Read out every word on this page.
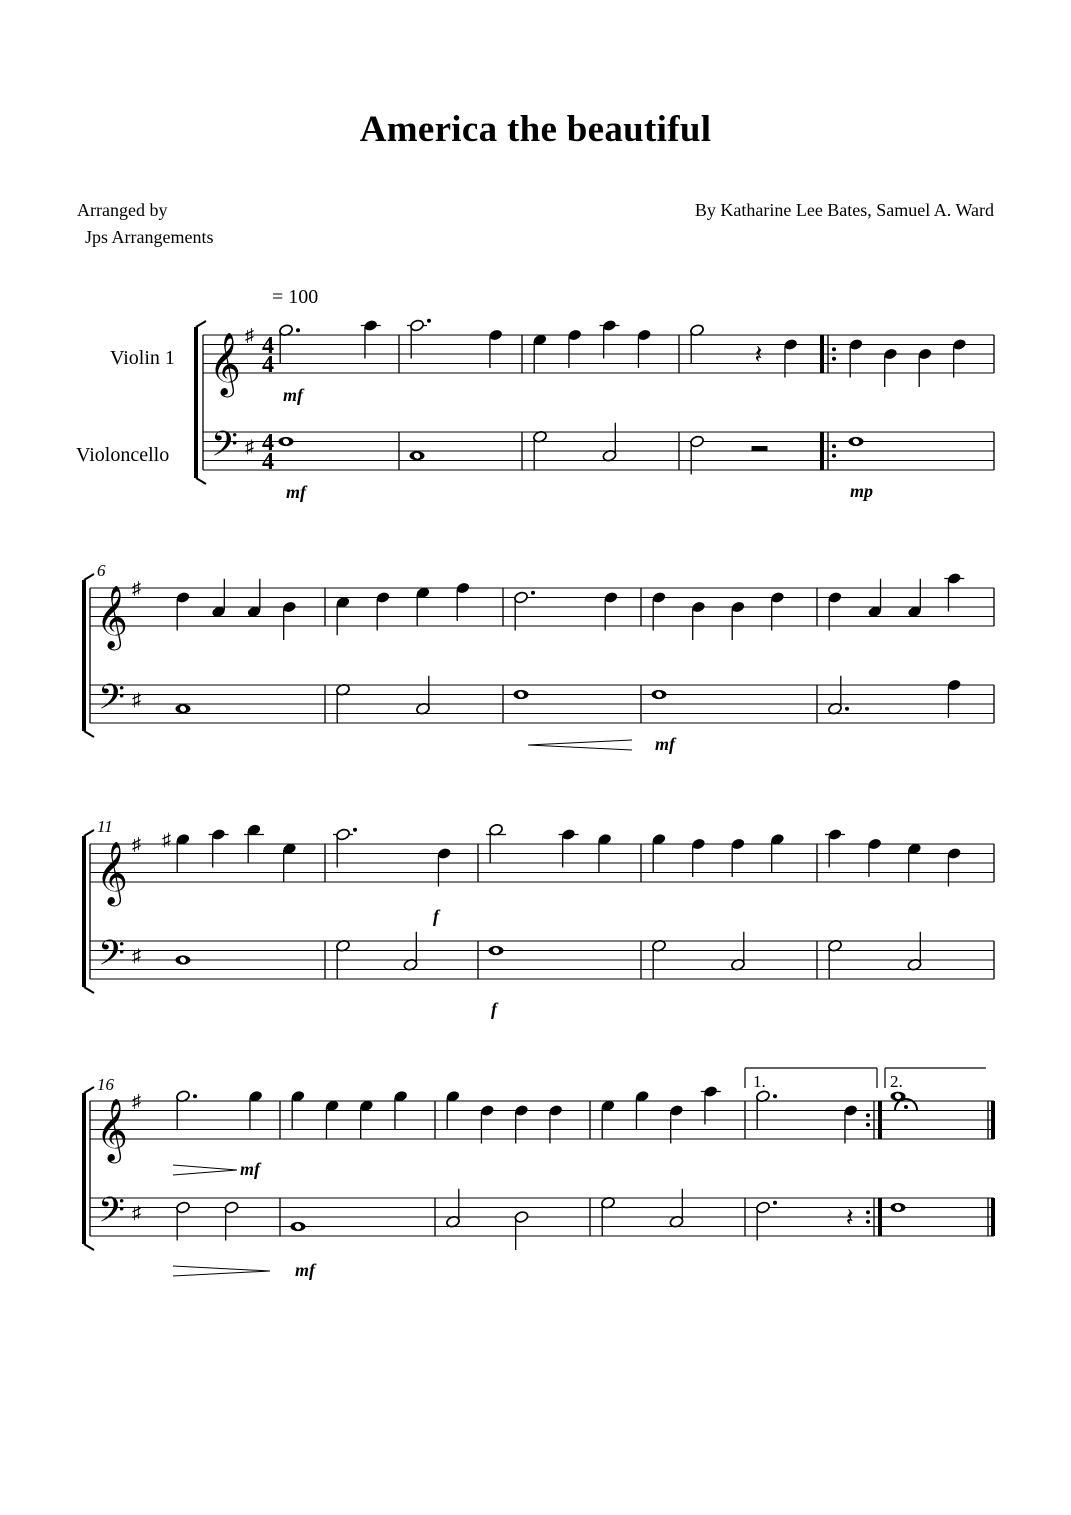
America the beautiful
Arranged by
Jps Arrangements
By Katharine Lee Bates, Samuel A. Ward
= 100
Violin 1
Violoncello
6
11
16	1.	2.
mf
mf	mp
mf
f
f
mf
mf
𝄞
𝄢
♯
♯
4
4
4
4
𝄽
𝄞
𝄢
♯
♯
𝄞
𝄢
♯
♯
♯
𝄞
𝄢
♯
♯	𝄽
